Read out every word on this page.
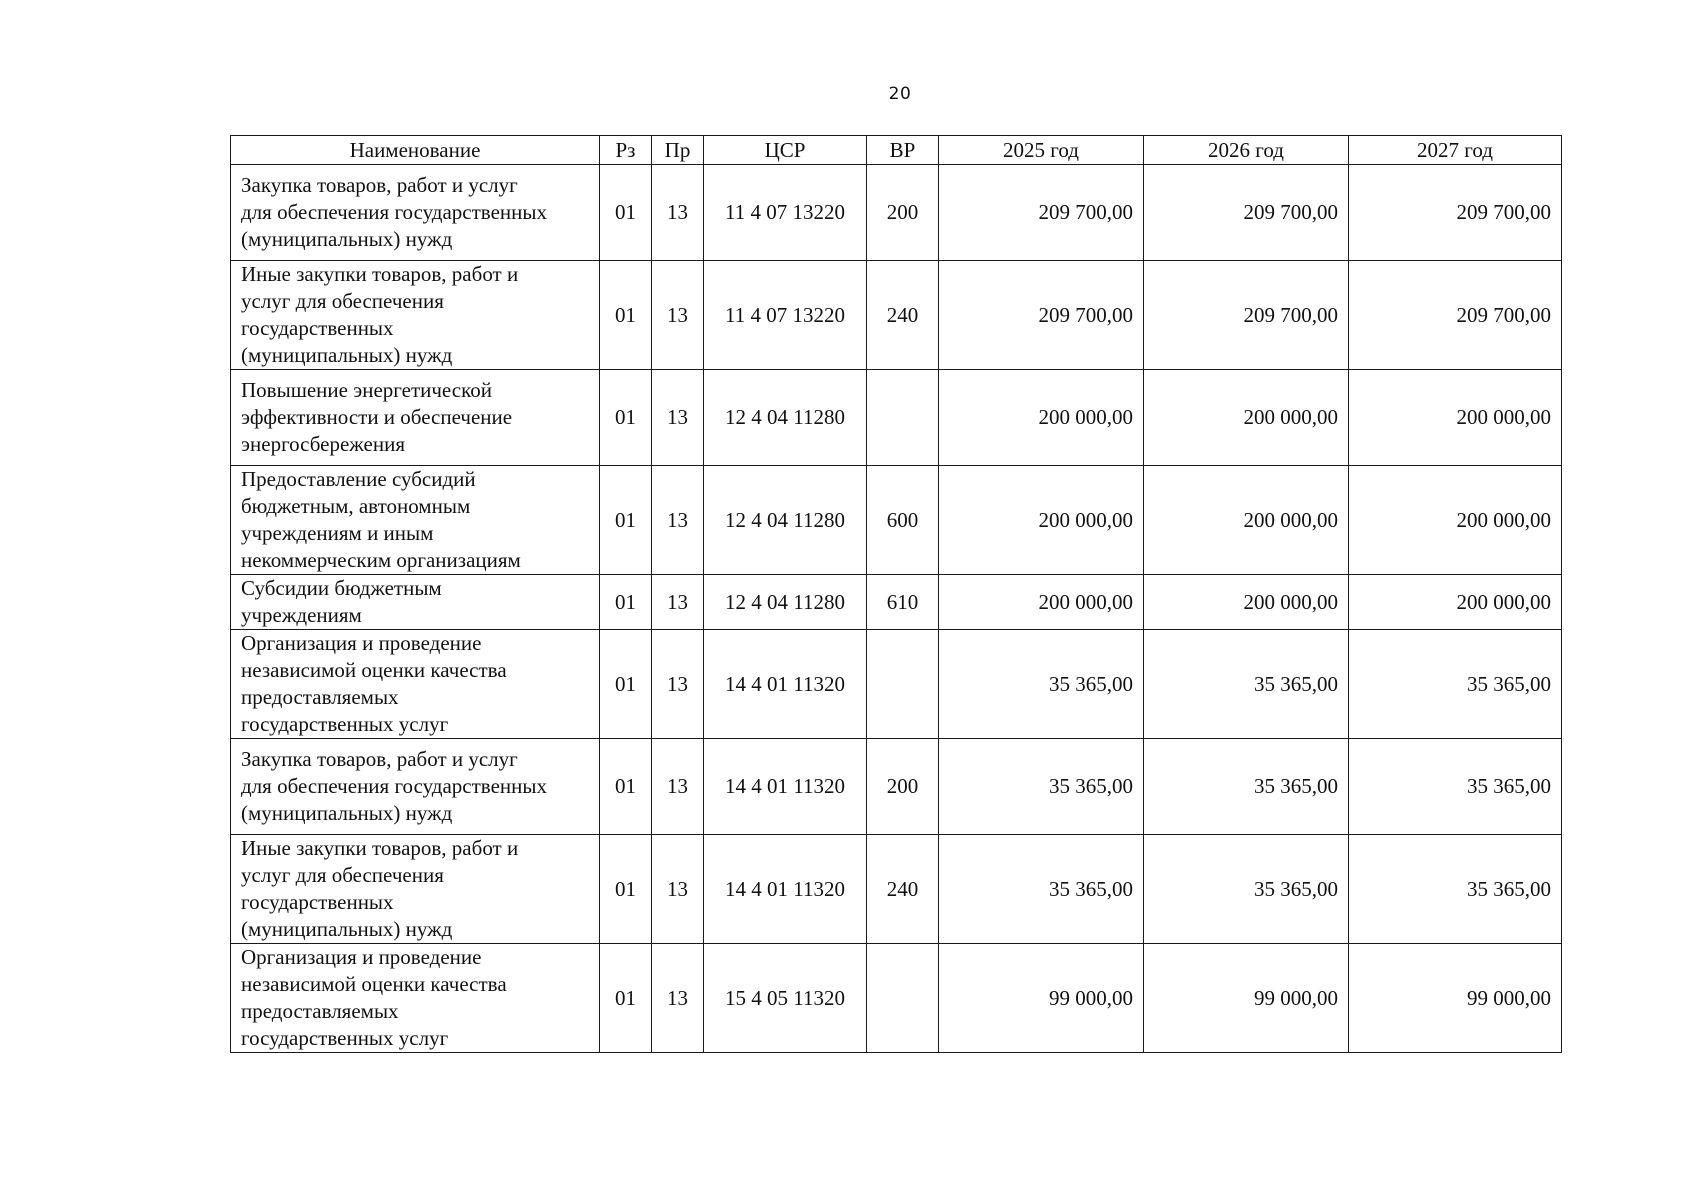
20
Наименование	Рз	Пр	ЦСР	ВР	2025 год	2026 год	2027 год
Закупка товаров, работ и услуг
для обеспечения государственных
(муниципальных) нужд	01	13	11 4 07 13220	200	209 700,00	209 700,00	209 700,00
Иные закупки товаров, работ и
услуг для обеспечения
государственных
(муниципальных) нужд	01	13	11 4 07 13220	240	209 700,00	209 700,00	209 700,00
Повышение энергетической
эффективности и обеспечение
энергосбережения	01	13	12 4 04 11280		200 000,00	200 000,00	200 000,00
Предоставление субсидий
бюджетным, автономным
учреждениям и иным
некоммерческим организациям	01	13	12 4 04 11280	600	200 000,00	200 000,00	200 000,00
Субсидии бюджетным
учреждениям	01	13	12 4 04 11280	610	200 000,00	200 000,00	200 000,00
Организация и проведение
независимой оценки качества
предоставляемых
государственных услуг	01	13	14 4 01 11320		35 365,00	35 365,00	35 365,00
Закупка товаров, работ и услуг
для обеспечения государственных
(муниципальных) нужд	01	13	14 4 01 11320	200	35 365,00	35 365,00	35 365,00
Иные закупки товаров, работ и
услуг для обеспечения
государственных
(муниципальных) нужд	01	13	14 4 01 11320	240	35 365,00	35 365,00	35 365,00
Организация и проведение
независимой оценки качества
предоставляемых
государственных услуг	01	13	15 4 05 11320		99 000,00	99 000,00	99 000,00
